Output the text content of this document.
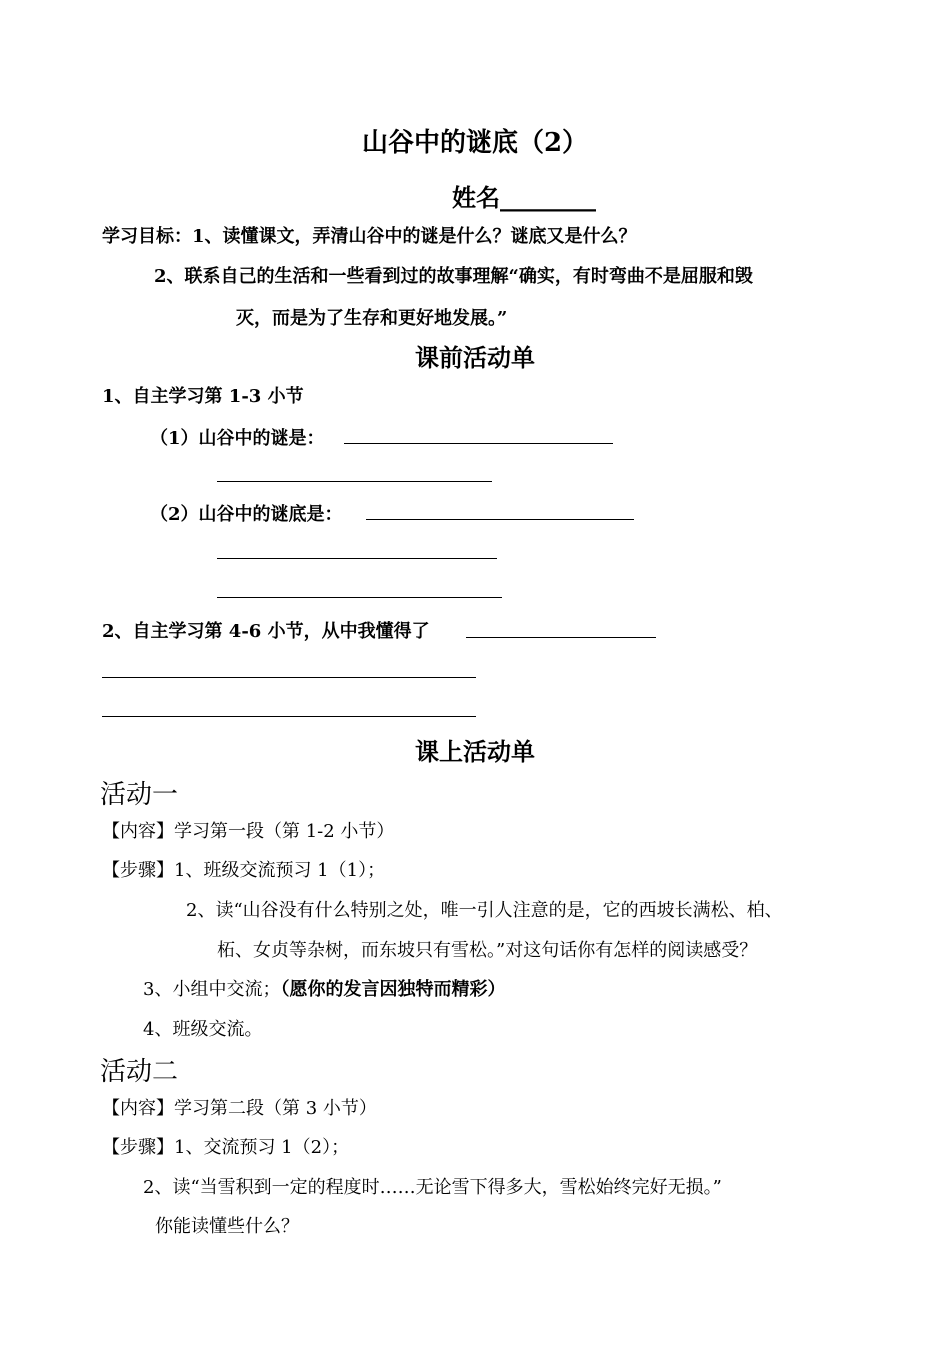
山谷中的谜底（2）
姓名________
学习目标：1、读懂课文，弄清山谷中的谜是什么？谜底又是什么？
2、联系自己的生活和一些看到过的故事理解“确实，有时弯曲不是屈服和毁
灭，而是为了生存和更好地发展。”
课前活动单
1、自主学习第 1-3 小节
（1）山谷中的谜是：
（2）山谷中的谜底是：
2、自主学习第 4-6 小节，从中我懂得了
课上活动单
活动一
【内容】学习第一段（第 1-2 小节）
【步骤】1、班级交流预习 1（1）；
2、读“山谷没有什么特别之处，唯一引人注意的是，它的西坡长满松、柏、
柘、女贞等杂树，而东坡只有雪松。”对这句话你有怎样的阅读感受？
3、小组中交流；（愿你的发言因独特而精彩）
4、班级交流。
活动二
【内容】学习第二段（第 3 小节）
【步骤】1、交流预习 1（2）；
2、读“当雪积到一定的程度时……无论雪下得多大，雪松始终完好无损。”
你能读懂些什么？
